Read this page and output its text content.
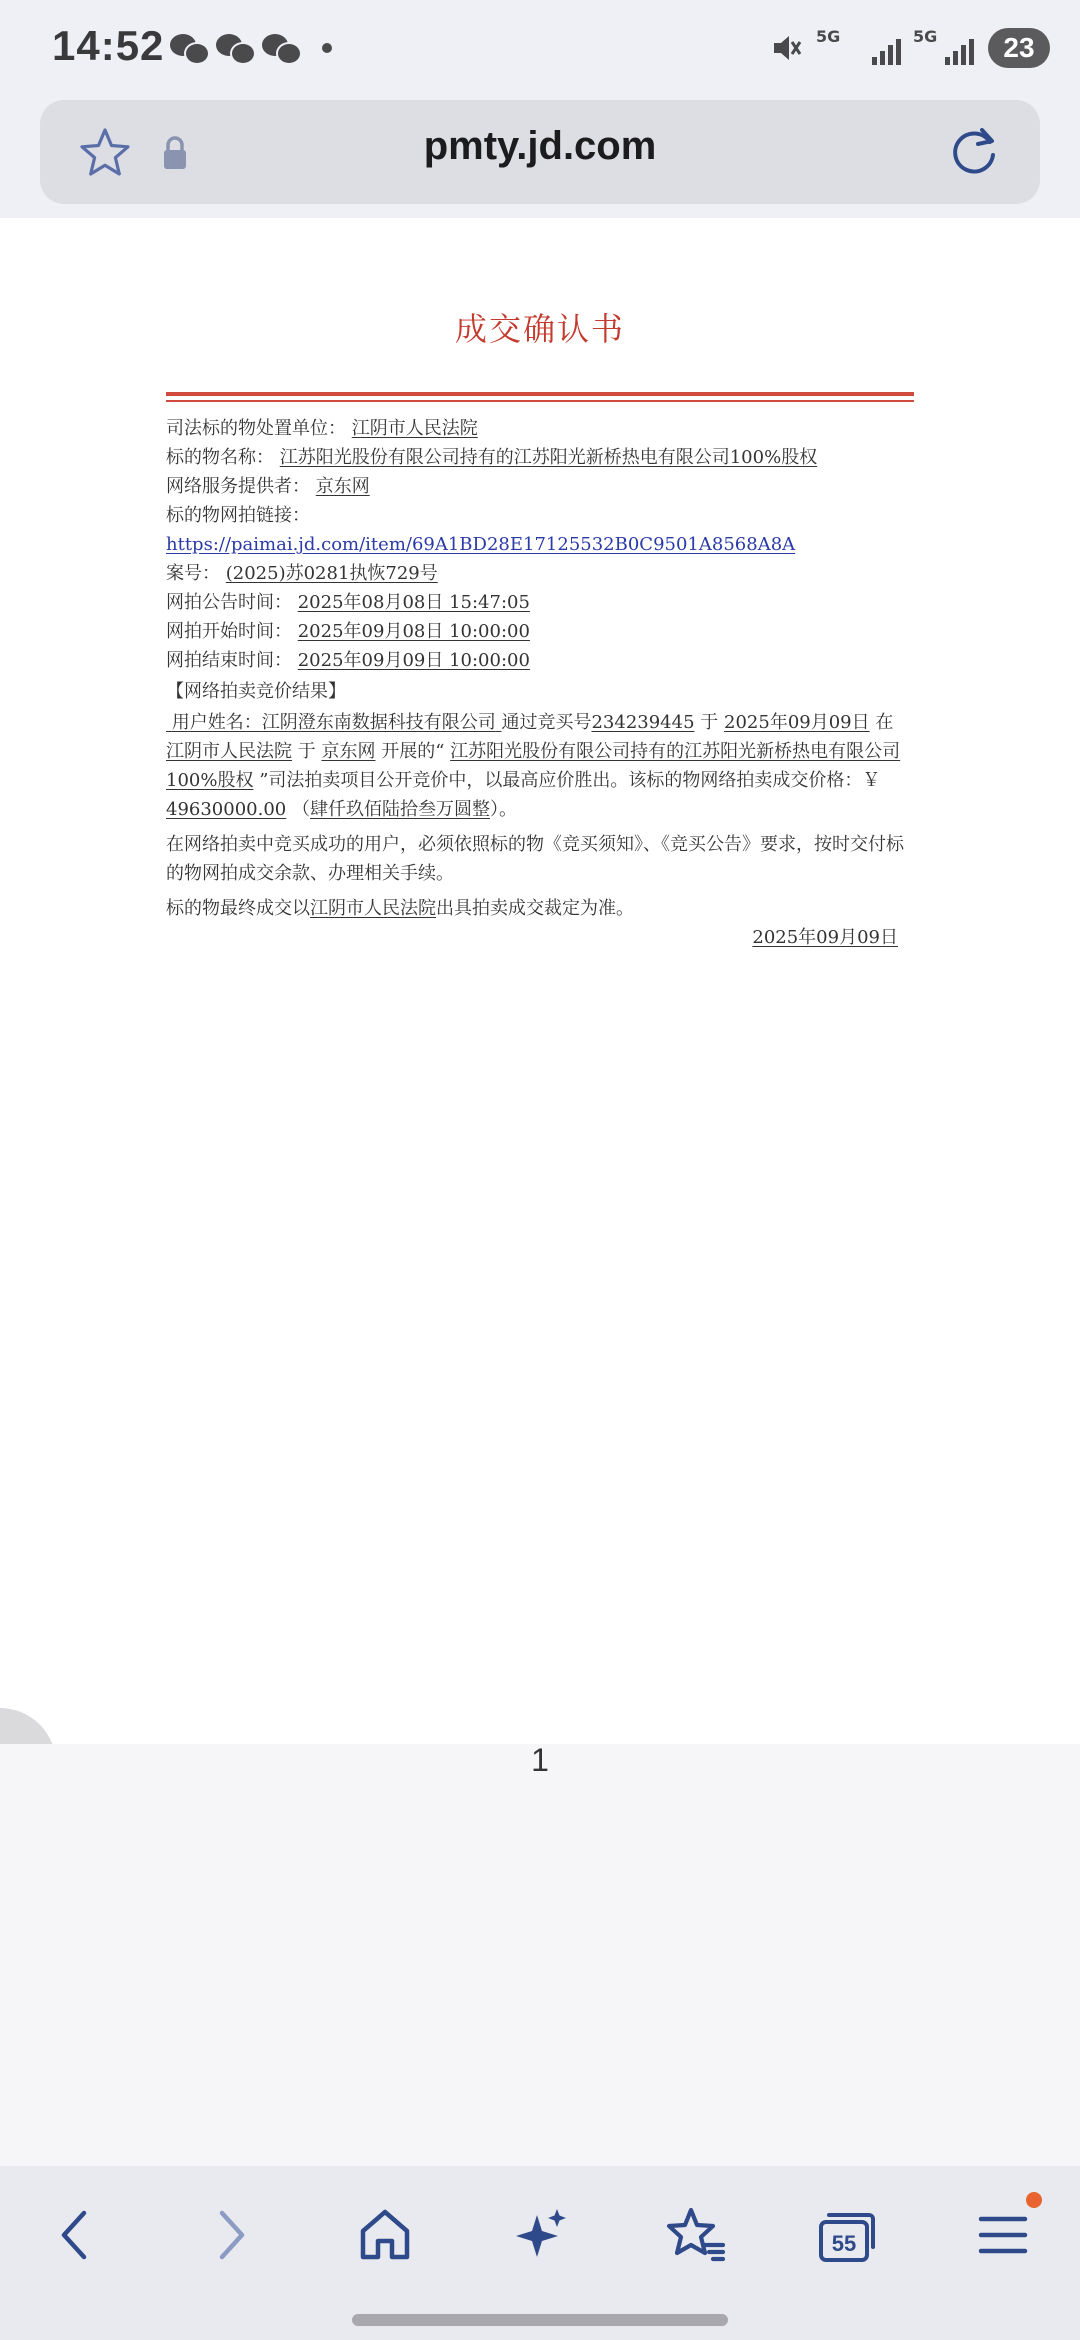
14:52	5G	5G	23
pmty.jd.com
成交确认书

司法标的物处置单位： 江阴市人民法院

标的物名称： 江苏阳光股份有限公司持有的江苏阳光新桥热电有限公司100%股权

网络服务提供者： 京东网

标的物网拍链接： https://paimai.jd.com/item/69A1BD28E17125532B0C9501A8568A8A

案号： (2025)苏0281执恢729号

网拍公告时间： 2025年08月08日 15:47:05

网拍开始时间： 2025年09月08日 10:00:00

网拍结束时间： 2025年09月09日 10:00:00

【网络拍卖竞价结果】

用户姓名：江阴澄东南数据科技有限公司 通过竞买号234239445 于 2025年09月09日 在 江阴市人民法院 于 京东网 开展的“ 江苏阳光股份有限公司持有的江苏阳光新桥热电有限公司100%股权 ”司法拍卖项目公开竞价中，以最高应价胜出。该标的物网络拍卖成交价格：￥ 49630000.00 （肆仟玖佰陆拾叁万圆整）。

在网络拍卖中竞买成功的用户，必须依照标的物《竞买须知》、《竞买公告》要求，按时交付标的物网拍成交余款、办理相关手续。

标的物最终成交以江阴市人民法院出具拍卖成交裁定为准。

2025年09月09日

1
55
